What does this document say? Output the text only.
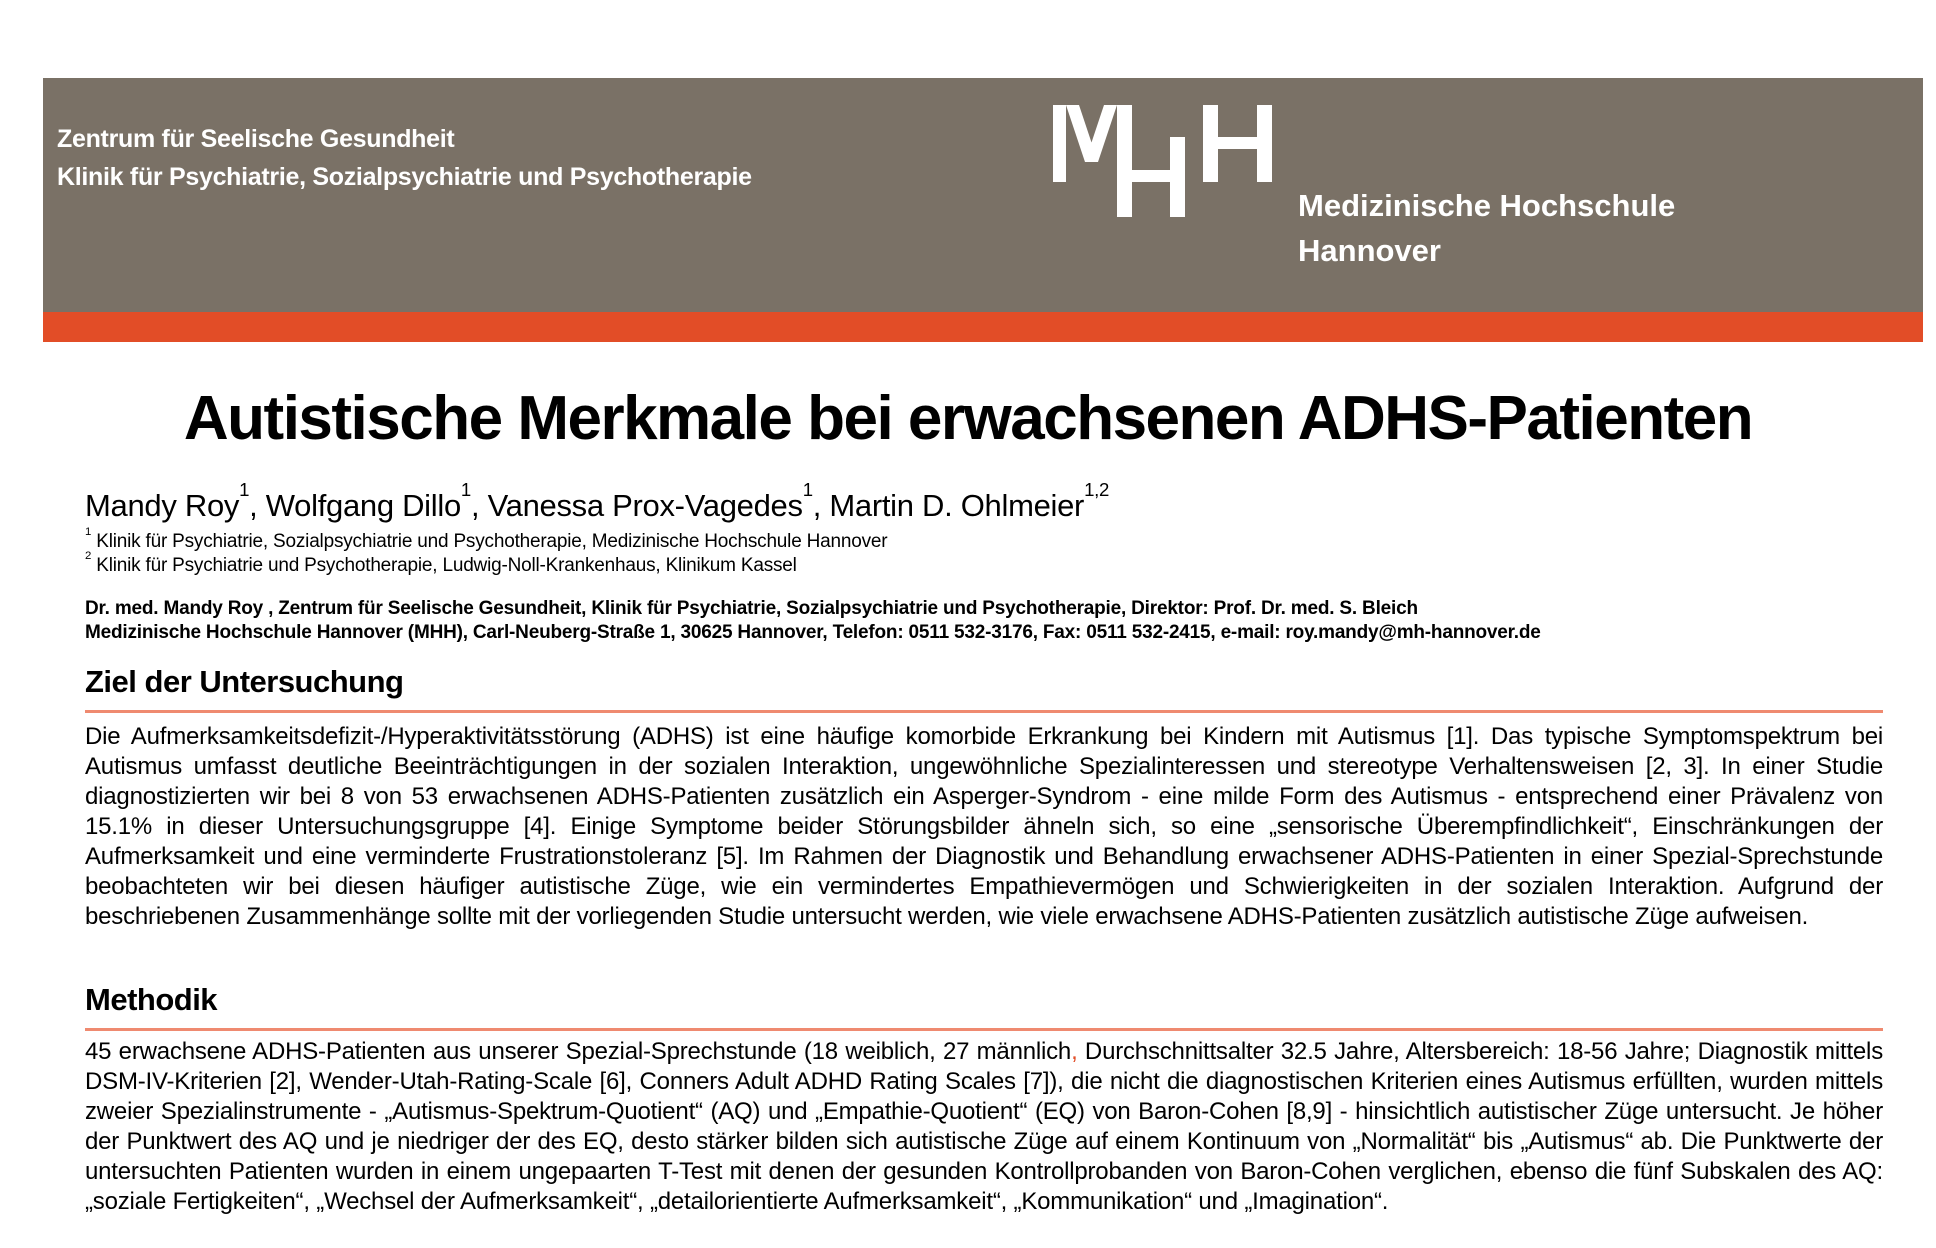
Zentrum für Seelische Gesundheit
Klinik für Psychiatrie, Sozialpsychiatrie und Psychotherapie
Medizinische Hochschule
Hannover
Autistische Merkmale bei erwachsenen ADHS-Patienten
Mandy Roy$^1$, Wolfgang Dillo$^1$, Vanessa Prox-Vagedes$^1$, Martin D. Ohlmeier$^{1,2}$
$^1$ Klinik für Psychiatrie, Sozialpsychiatrie und Psychotherapie, Medizinische Hochschule Hannover
$^2$ Klinik für Psychiatrie und Psychotherapie, Ludwig-Noll-Krankenhaus, Klinikum Kassel
Dr. med. Mandy Roy , Zentrum für Seelische Gesundheit, Klinik für Psychiatrie, Sozialpsychiatrie und Psychotherapie, Direktor: Prof. Dr. med. S. Bleich
Medizinische Hochschule Hannover (MHH), Carl-Neuberg-Straße 1, 30625 Hannover, Telefon: 0511 532-3176, Fax: 0511 532-2415, e-mail: roy.mandy@mh-hannover.de
Ziel der Untersuchung

Die Aufmerksamkeitsdefizit-/Hyperaktivitätsstörung (ADHS) ist eine häufige komorbide Erkrankung bei Kindern mit Autismus [1]. Das typische Symptomspektrum bei Autismus umfasst deutliche Beeinträchtigungen in der sozialen Interaktion, ungewöhnliche Spezialinteressen und stereotype Verhaltensweisen [2, 3]. In einer Studie diagnostizierten wir bei 8 von 53 erwachsenen ADHS-Patienten zusätzlich ein Asperger-Syndrom - eine milde Form des Autismus - entsprechend einer Prävalenz von 15.1% in dieser Untersuchungsgruppe [4]. Einige Symptome beider Störungsbilder ähneln sich, so eine „sensorische Überempfindlichkeit“, Einschränkungen der Aufmerksamkeit und eine verminderte Frustrationstoleranz [5]. Im Rahmen der Diagnostik und Behandlung erwachsener ADHS-Patienten in einer Spezial-Sprechstunde beobachteten wir bei diesen häufiger autistische Züge, wie ein vermindertes Empathievermögen und Schwierigkeiten in der sozialen Interaktion. Aufgrund der beschriebenen Zusammenhänge sollte mit der vorliegenden Studie untersucht werden, wie viele erwachsene ADHS-Patienten zusätzlich autistische Züge aufweisen.

Methodik

45 erwachsene ADHS-Patienten aus unserer Spezial-Sprechstunde (18 weiblich, 27 männlich, Durchschnittsalter 32.5 Jahre, Altersbereich: 18-56 Jahre; Diagnostik mittels DSM-IV-Kriterien [2], Wender-Utah-Rating-Scale [6], Conners Adult ADHD Rating Scales [7]), die nicht die diagnostischen Kriterien eines Autismus erfüllten, wurden mittels zweier Spezialinstrumente - „Autismus-Spektrum-Quotient“ (AQ) und „Empathie-Quotient“ (EQ) von Baron-Cohen [8,9] - hinsichtlich autistischer Züge untersucht. Je höher der Punktwert des AQ und je niedriger der des EQ, desto stärker bilden sich autistische Züge auf einem Kontinuum von „Normalität“ bis „Autismus“ ab. Die Punktwerte der untersuchten Patienten wurden in einem ungepaarten T-Test mit denen der gesunden Kontrollprobanden von Baron-Cohen verglichen, ebenso die fünf Subskalen des AQ: „soziale Fertigkeiten“, „Wechsel der Aufmerksamkeit“, „detailorientierte Aufmerksamkeit“, „Kommunikation“ und „Imagination“.
